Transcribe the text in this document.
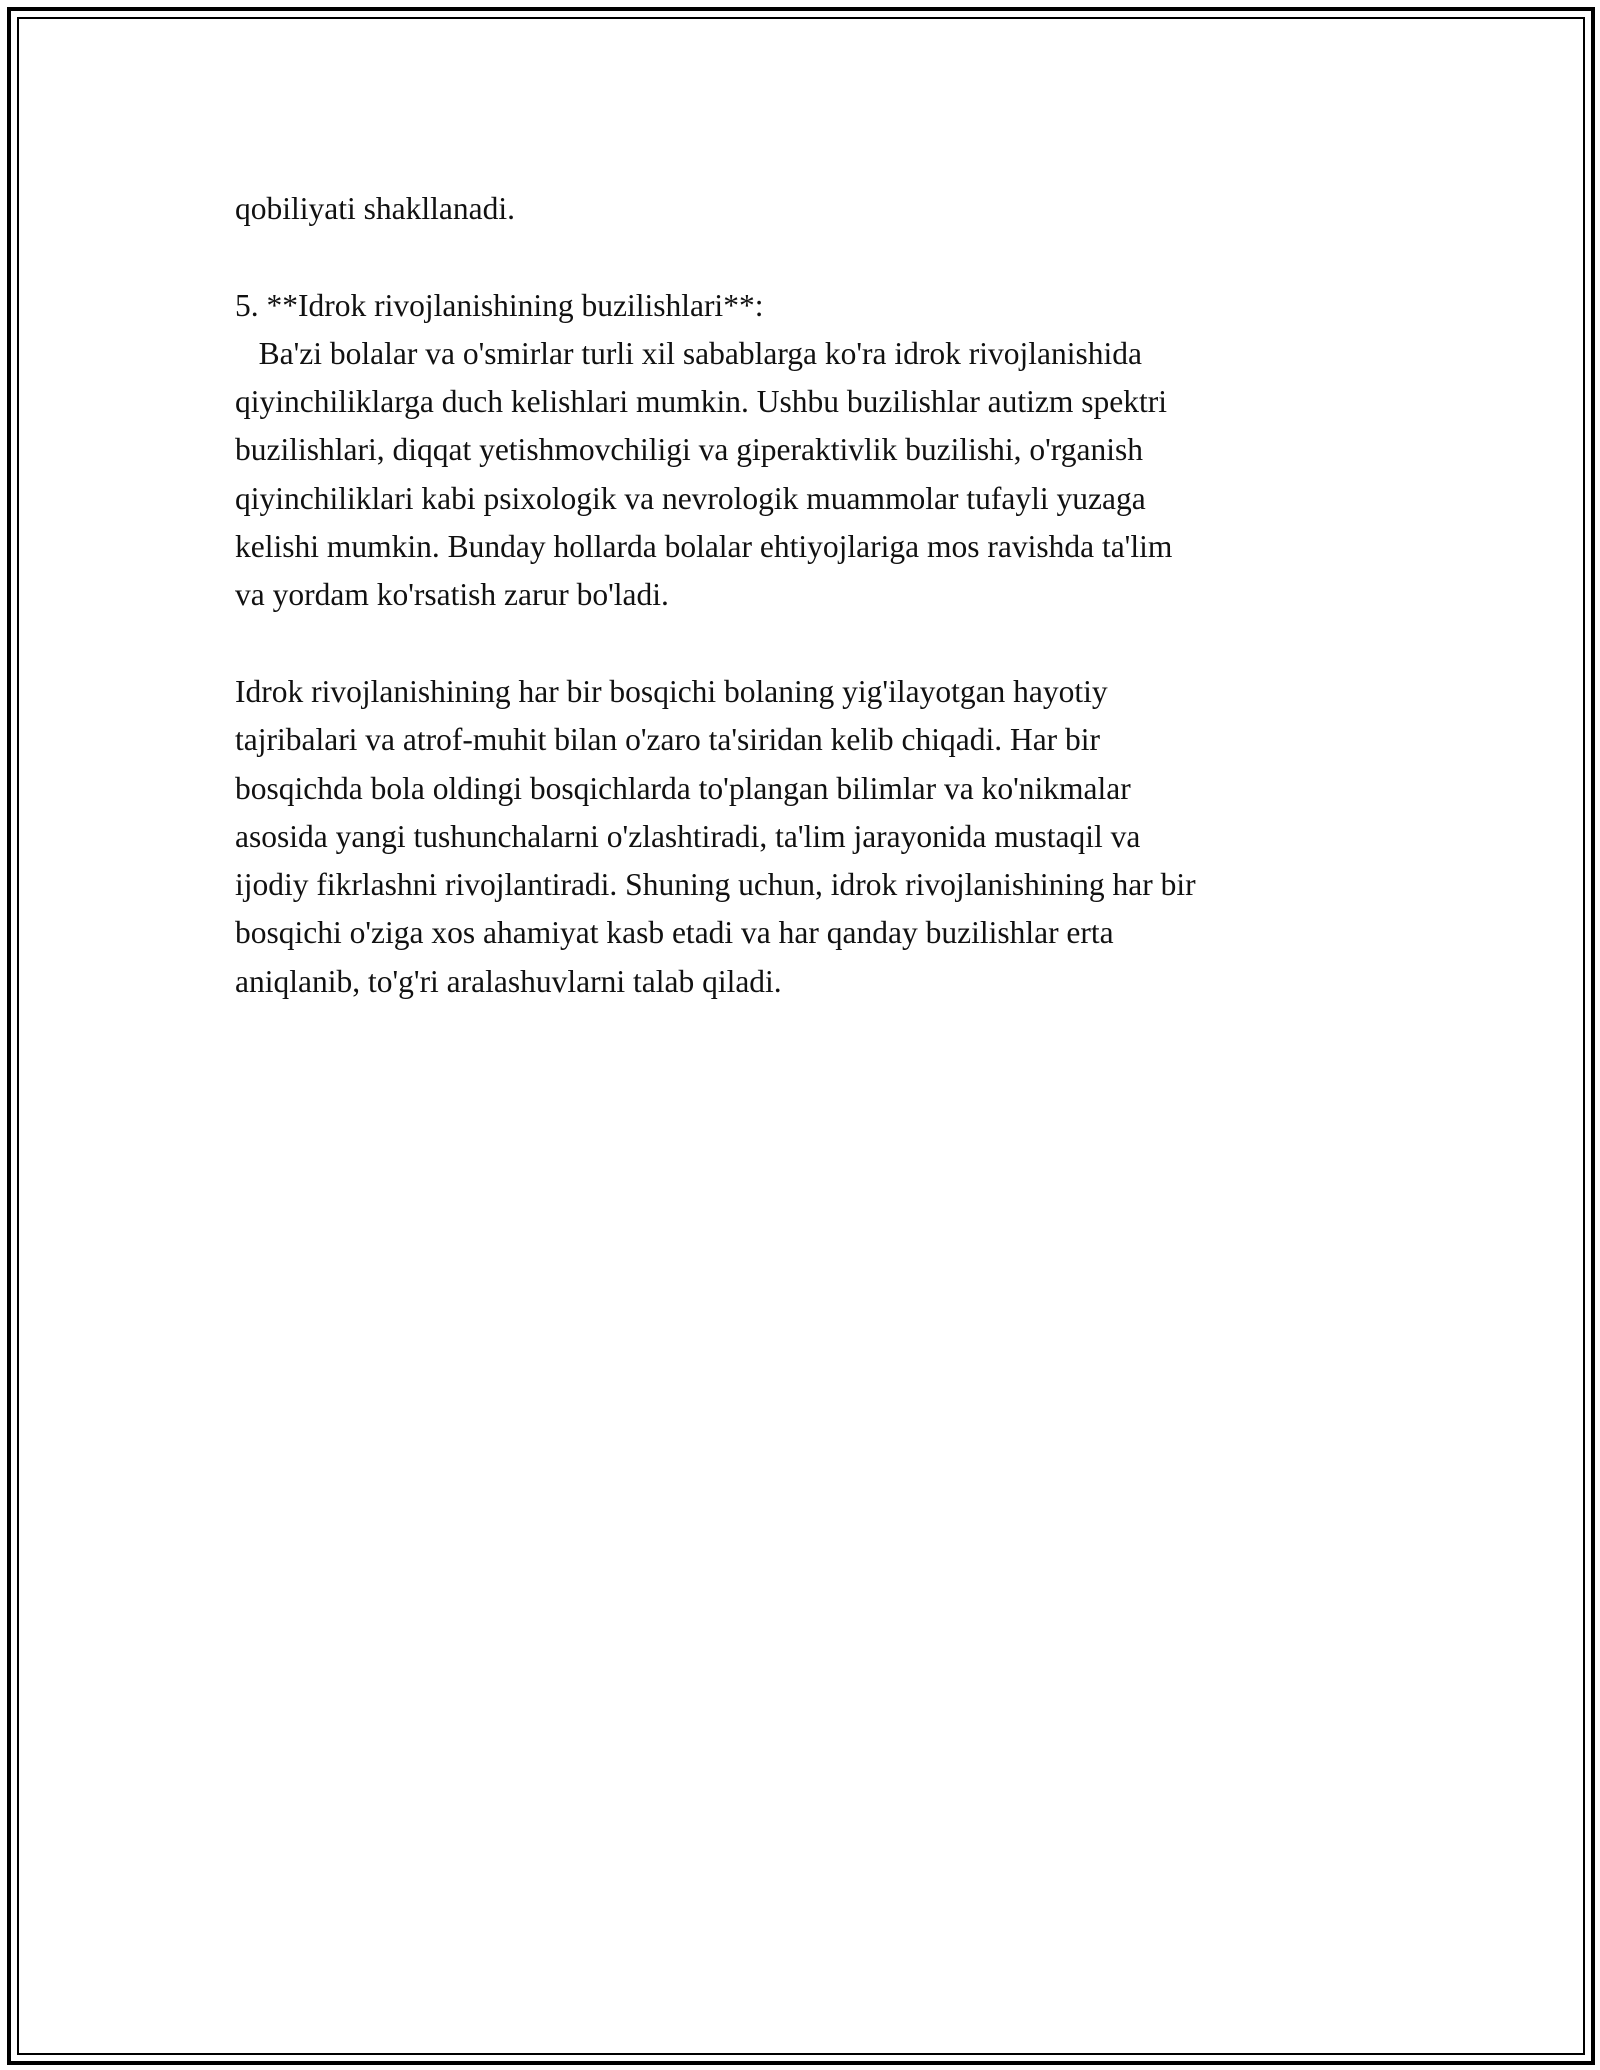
qobiliyati shakllanadi.
5. **Idrok rivojlanishining buzilishlari**:
Ba'zi bolalar va o'smirlar turli xil sabablarga ko'ra idrok rivojlanishida
qiyinchiliklarga duch kelishlari mumkin. Ushbu buzilishlar autizm spektri
buzilishlari, diqqat yetishmovchiligi va giperaktivlik buzilishi, o'rganish
qiyinchiliklari kabi psixologik va nevrologik muammolar tufayli yuzaga
kelishi mumkin. Bunday hollarda bolalar ehtiyojlariga mos ravishda ta'lim
va yordam ko'rsatish zarur bo'ladi.
Idrok rivojlanishining har bir bosqichi bolaning yig'ilayotgan hayotiy
tajribalari va atrof-muhit bilan o'zaro ta'siridan kelib chiqadi. Har bir
bosqichda bola oldingi bosqichlarda to'plangan bilimlar va ko'nikmalar
asosida yangi tushunchalarni o'zlashtiradi, ta'lim jarayonida mustaqil va
ijodiy fikrlashni rivojlantiradi. Shuning uchun, idrok rivojlanishining har bir
bosqichi o'ziga xos ahamiyat kasb etadi va har qanday buzilishlar erta
aniqlanib, to'g'ri aralashuvlarni talab qiladi.
